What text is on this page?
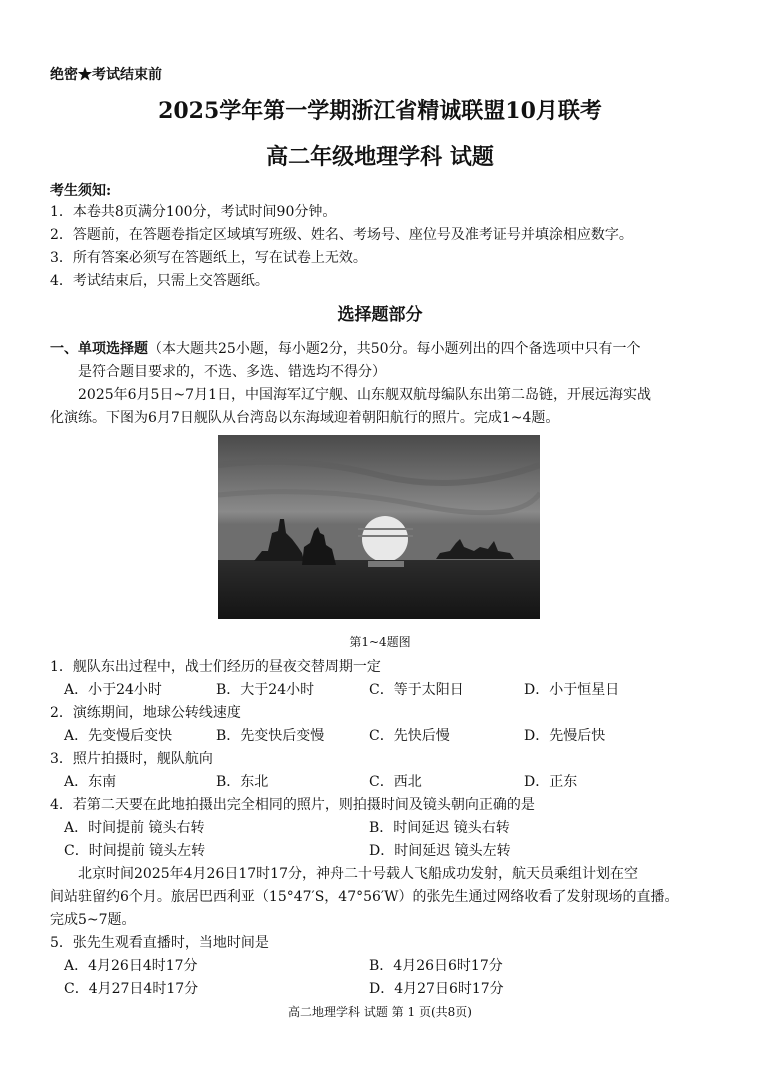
绝密★考试结束前
2025学年第一学期浙江省精诚联盟10月联考
高二年级地理学科 试题
考生须知:
1．本卷共8页满分100分，考试时间90分钟。
2．答题前，在答题卷指定区域填写班级、姓名、考场号、座位号及准考证号并填涂相应数字。
3．所有答案必须写在答题纸上，写在试卷上无效。
4．考试结束后，只需上交答题纸。
选择题部分
一、单项选择题（本大题共25小题，每小题2分，共50分。每小题列出的四个备选项中只有一个
是符合题目要求的，不选、多选、错选均不得分）
2025年6月5日~7月1日，中国海军辽宁舰、山东舰双航母编队东出第二岛链，开展远海实战
化演练。下图为6月7日舰队从台湾岛以东海域迎着朝阳航行的照片。完成1~4题。
第1~4题图
1．舰队东出过程中，战士们经历的昼夜交替周期一定
A．小于24小时	B．大于24小时	C．等于太阳日	D．小于恒星日
2．演练期间，地球公转线速度
A．先变慢后变快	B．先变快后变慢	C．先快后慢	D．先慢后快
3．照片拍摄时，舰队航向
A．东南	B．东北	C．西北	D．正东
4．若第二天要在此地拍摄出完全相同的照片，则拍摄时间及镜头朝向正确的是
A．时间提前 镜头右转	B．时间延迟 镜头右转
C．时间提前 镜头左转	D．时间延迟 镜头左转
北京时间2025年4月26日17时17分，神舟二十号载人飞船成功发射，航天员乘组计划在空
间站驻留约6个月。旅居巴西利亚（15°47′S，47°56′W）的张先生通过网络收看了发射现场的直播。
完成5~7题。
5．张先生观看直播时，当地时间是
A．4月26日4时17分	B．4月26日6时17分
C．4月27日4时17分	D．4月27日6时17分
高二地理学科 试题 第 1 页(共8页)
